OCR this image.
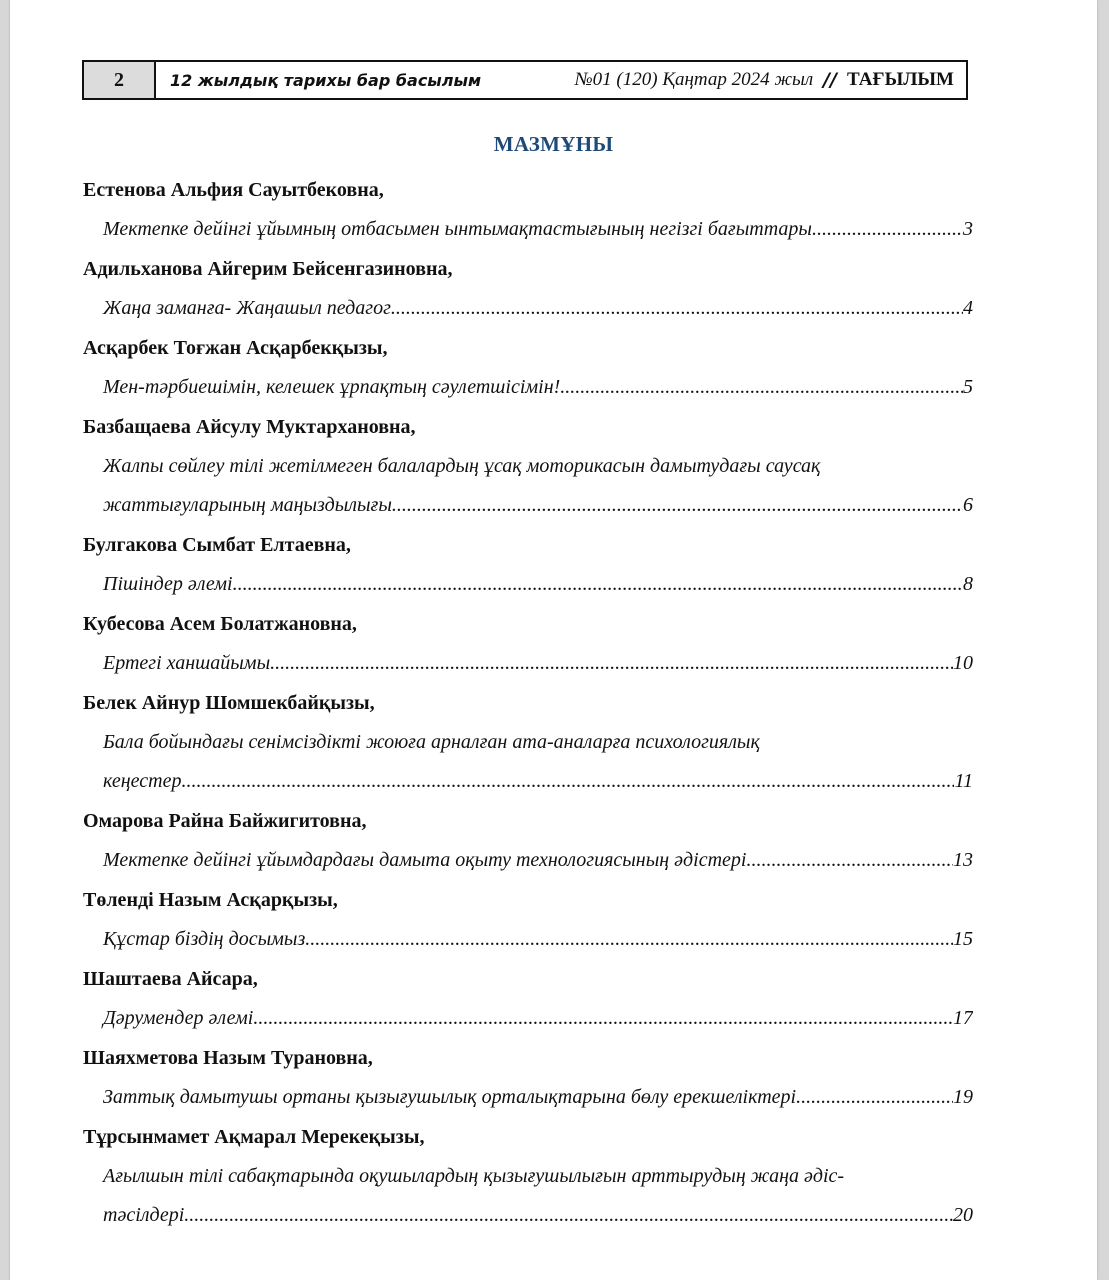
2	12 жылдық тарихы бар басылым	№01 (120) Қаңтар 2024 жыл // ТАҒЫЛЫМ
МАЗМҰНЫ
Естенова Альфия Сауытбековна,
Мектепке дейінгі ұйымның отбасымен ынтымақтастығының негізгі бағыттары .....	3
Адильханова Айгерим Бейсенгазиновна,
Жаңа заманға- Жаңашыл педагог .....	4
Асқарбек Тоғжан Асқарбекқызы,
Мен-тәрбиешімін, келешек ұрпақтың сәулетшісімін! .....	5
Базбащаева Айсулу Муктархановна,
Жалпы сөйлеу тілі жетілмеген балалардың ұсақ моторикасын дамытудағы саусақ
жаттығуларының маңыздылығы .....	6
Булгакова Сымбат Елтаевна,
Пішіндер әлемі .....	8
Кубесова Асем Болатжановна,
Ертегі ханшайымы .....	10
Белек Айнур Шомшекбайқызы,
Бала бойындағы сенімсіздікті жоюға арналған ата-аналарға психологиялық
кеңестер .....	11
Омарова Райна Байжигитовна,
Мектепке дейінгі ұйымдардағы дамыта оқыту технологиясының әдістері .....	13
Төленді Назым Асқарқызы,
Құстар біздің досымыз .....	15
Шаштаева Айсара,
Дәрумендер әлемі .....	17
Шаяхметова Назым Турановна,
Заттық дамытушы ортаны қызығушылық орталықтарына бөлу ерекшеліктері .....	19
Тұрсынмамет Ақмарал Мерекеқызы,
Ағылшын тілі сабақтарында оқушылардың қызығушылығын арттырудың жаңа әдіс-
тәсілдері .....	20
